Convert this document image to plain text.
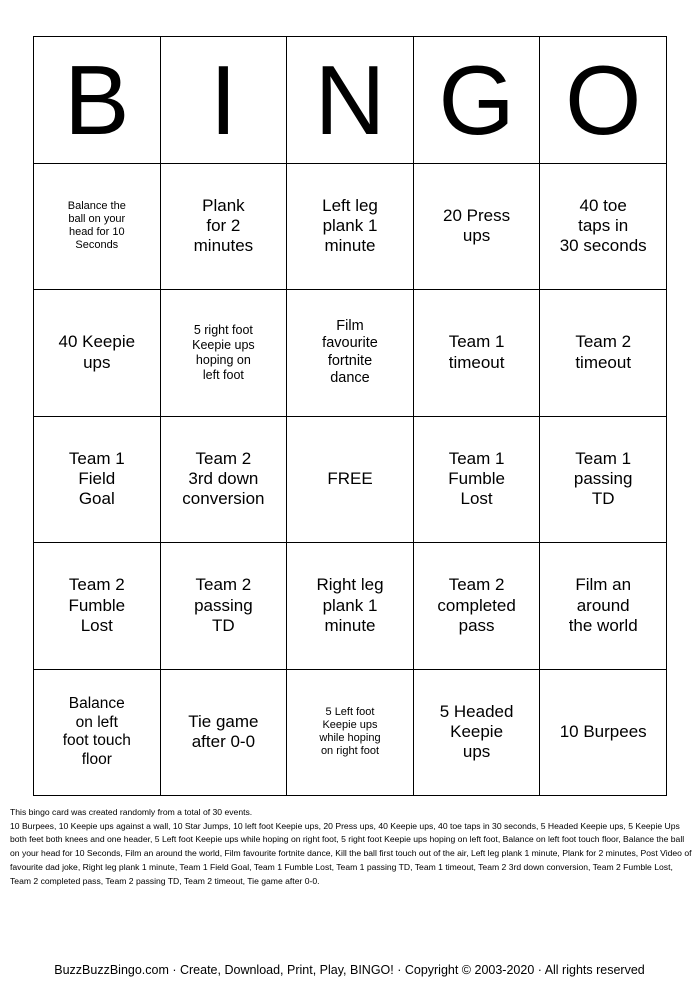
B I N G O
Balance the
ball on your
head for 10
Seconds
Plank
for 2
minutes
Left leg
plank 1
minute
20 Press
ups
40 toe
taps in
30 seconds
40 Keepie
ups
5 right foot
Keepie ups
hoping on
left foot
Film
favourite
fortnite
dance
Team 1
timeout
Team 2
timeout
Team 1
Field
Goal
Team 2
3rd down
conversion
FREE
Team 1
Fumble
Lost
Team 1
passing
TD
Team 2
Fumble
Lost
Team 2
passing
TD
Right leg
plank 1
minute
Team 2
completed
pass
Film an
around
the world
Balance
on left
foot touch
floor
Tie game
after 0-0
5 Left foot
Keepie ups
while hoping
on right foot
5 Headed
Keepie
ups
10 Burpees

This bingo card was created randomly from a total of 30 events.
10 Burpees, 10 Keepie ups against a wall, 10 Star Jumps, 10 left foot Keepie ups, 20 Press ups, 40 Keepie ups, 40 toe taps in 30 seconds, 5 Headed Keepie ups, 5 Keepie Ups both feet both knees and one header, 5 Left foot Keepie ups while hoping on right foot, 5 right foot Keepie ups hoping on left foot, Balance on left foot touch floor, Balance the ball on your head for 10 Seconds, Film an around the world, Film favourite fortnite dance, Kill the ball first touch out of the air, Left leg plank 1 minute, Plank for 2 minutes, Post Video of favourite dad joke, Right leg plank 1 minute, Team 1 Field Goal, Team 1 Fumble Lost, Team 1 passing TD, Team 1 timeout, Team 2 3rd down conversion, Team 2 Fumble Lost, Team 2 completed pass, Team 2 passing TD, Team 2 timeout, Tie game after 0-0.

BuzzBuzzBingo.com · Create, Download, Print, Play, BINGO! · Copyright © 2003-2020 · All rights reserved
